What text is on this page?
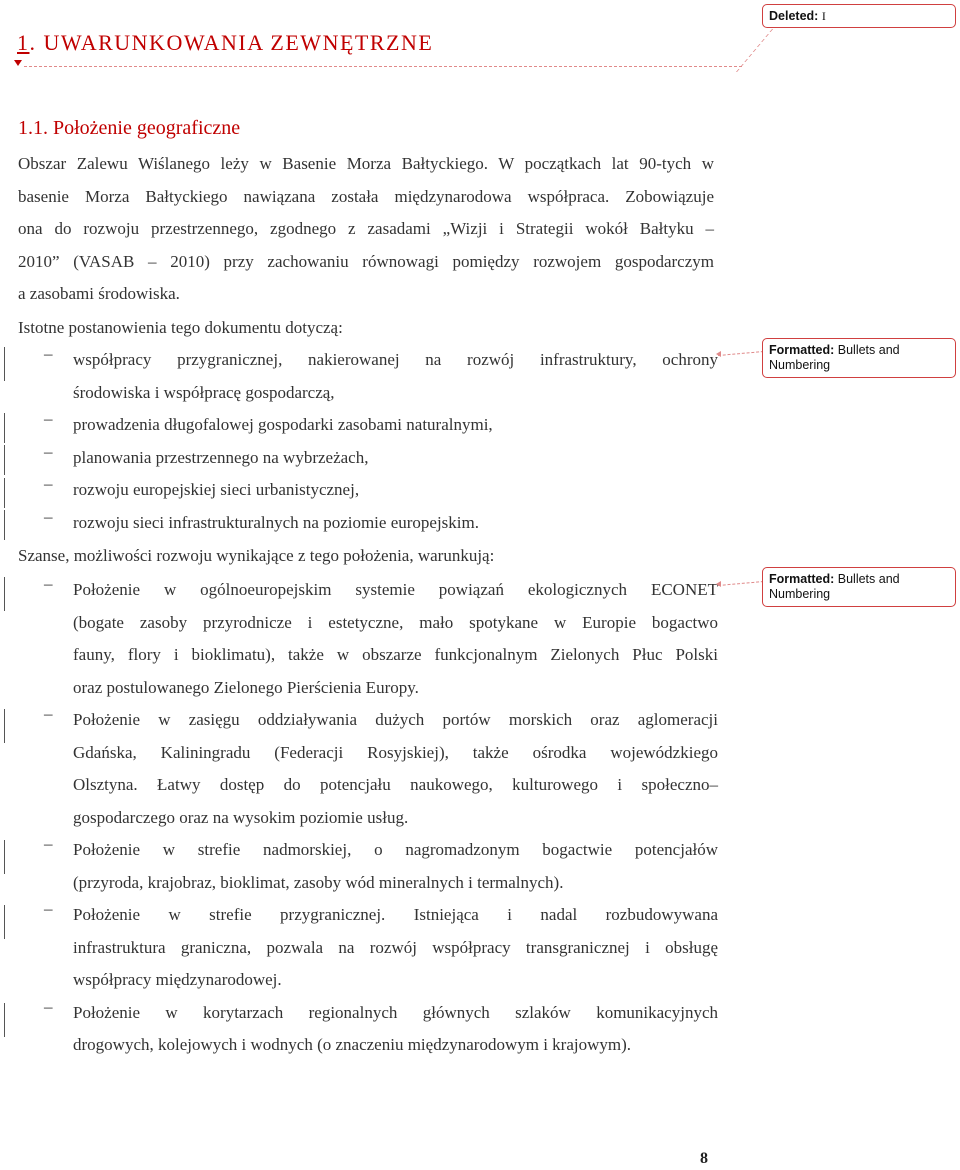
1. UWARUNKOWANIA ZEWNĘTRZNE
1.1. Położenie geograficzne
Obszar Zalewu Wiślanego leży w Basenie Morza Bałtyckiego. W początkach lat 90-tych w
basenie Morza Bałtyckiego nawiązana została międzynarodowa współpraca. Zobowiązuje
ona do rozwoju przestrzennego, zgodnego z zasadami „Wizji i Strategii wokół Bałtyku –
2010” (VASAB – 2010) przy zachowaniu równowagi pomiędzy rozwojem gospodarczym
a zasobami środowiska.
Istotne postanowienia tego dokumentu dotyczą:
– współpracy przygranicznej, nakierowanej na rozwój infrastruktury, ochrony
środowiska i współpracę gospodarczą,
– prowadzenia długofalowej gospodarki zasobami naturalnymi,
– planowania przestrzennego na wybrzeżach,
– rozwoju europejskiej sieci urbanistycznej,
– rozwoju sieci infrastrukturalnych na poziomie europejskim.
Szanse, możliwości rozwoju wynikające z tego położenia, warunkują:
– Położenie w ogólnoeuropejskim systemie powiązań ekologicznych ECONET
(bogate zasoby przyrodnicze i estetyczne, mało spotykane w Europie bogactwo
fauny, flory i bioklimatu), także w obszarze funkcjonalnym Zielonych Płuc Polski
oraz postulowanego Zielonego Pierścienia Europy.
– Położenie w zasięgu oddziaływania dużych portów morskich oraz aglomeracji
Gdańska, Kaliningradu (Federacji Rosyjskiej), także ośrodka wojewódzkiego
Olsztyna. Łatwy dostęp do potencjału naukowego, kulturowego i społeczno–
gospodarczego oraz na wysokim poziomie usług.
– Położenie w strefie nadmorskiej, o nagromadzonym bogactwie potencjałów
(przyroda, krajobraz, bioklimat, zasoby wód mineralnych i termalnych).
– Położenie w strefie przygranicznej. Istniejąca i nadal rozbudowywana
infrastruktura graniczna, pozwala na rozwój współpracy transgranicznej i obsługę
współpracy międzynarodowej.
– Położenie w korytarzach regionalnych głównych szlaków komunikacyjnych
drogowych, kolejowych i wodnych (o znaczeniu międzynarodowym i krajowym).
Deleted: I
Formatted: Bullets and Numbering
Formatted: Bullets and Numbering
8
